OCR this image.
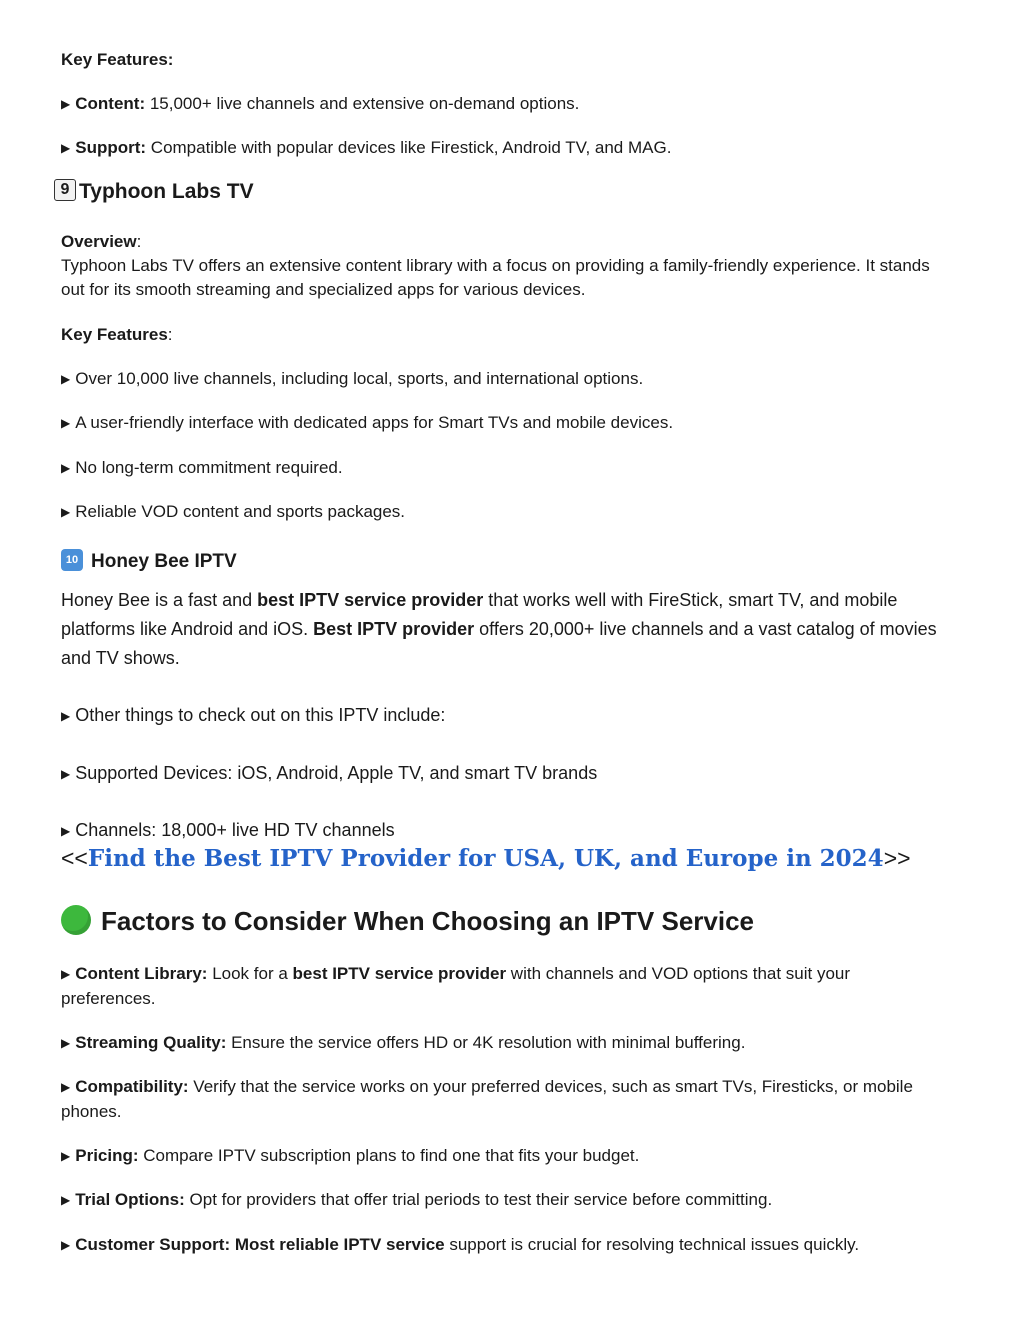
Key Features:
▶ Content: 15,000+ live channels and extensive on-demand options.
▶ Support: Compatible with popular devices like Firestick, Android TV, and MAG.
9 Typhoon Labs TV
Overview:
Typhoon Labs TV offers an extensive content library with a focus on providing a family-friendly experience. It stands out for its smooth streaming and specialized apps for various devices.
Key Features:
▶ Over 10,000 live channels, including local, sports, and international options.
▶ A user-friendly interface with dedicated apps for Smart TVs and mobile devices.
▶ No long-term commitment required.
▶ Reliable VOD content and sports packages.
10 Honey Bee IPTV
Honey Bee is a fast and best IPTV service provider that works well with FireStick, smart TV, and mobile platforms like Android and iOS. Best IPTV provider offers 20,000+ live channels and a vast catalog of movies and TV shows.
▶ Other things to check out on this IPTV include:
▶ Supported Devices: iOS, Android, Apple TV, and smart TV brands
▶ Channels: 18,000+ live HD TV channels
<<Find the Best IPTV Provider for USA, UK, and Europe in 2024>>
Factors to Consider When Choosing an IPTV Service
▶ Content Library: Look for a best IPTV service provider with channels and VOD options that suit your preferences.
▶ Streaming Quality: Ensure the service offers HD or 4K resolution with minimal buffering.
▶ Compatibility: Verify that the service works on your preferred devices, such as smart TVs, Firesticks, or mobile phones.
▶ Pricing: Compare IPTV subscription plans to find one that fits your budget.
▶ Trial Options: Opt for providers that offer trial periods to test their service before committing.
▶ Customer Support: Most reliable IPTV service support is crucial for resolving technical issues quickly.
